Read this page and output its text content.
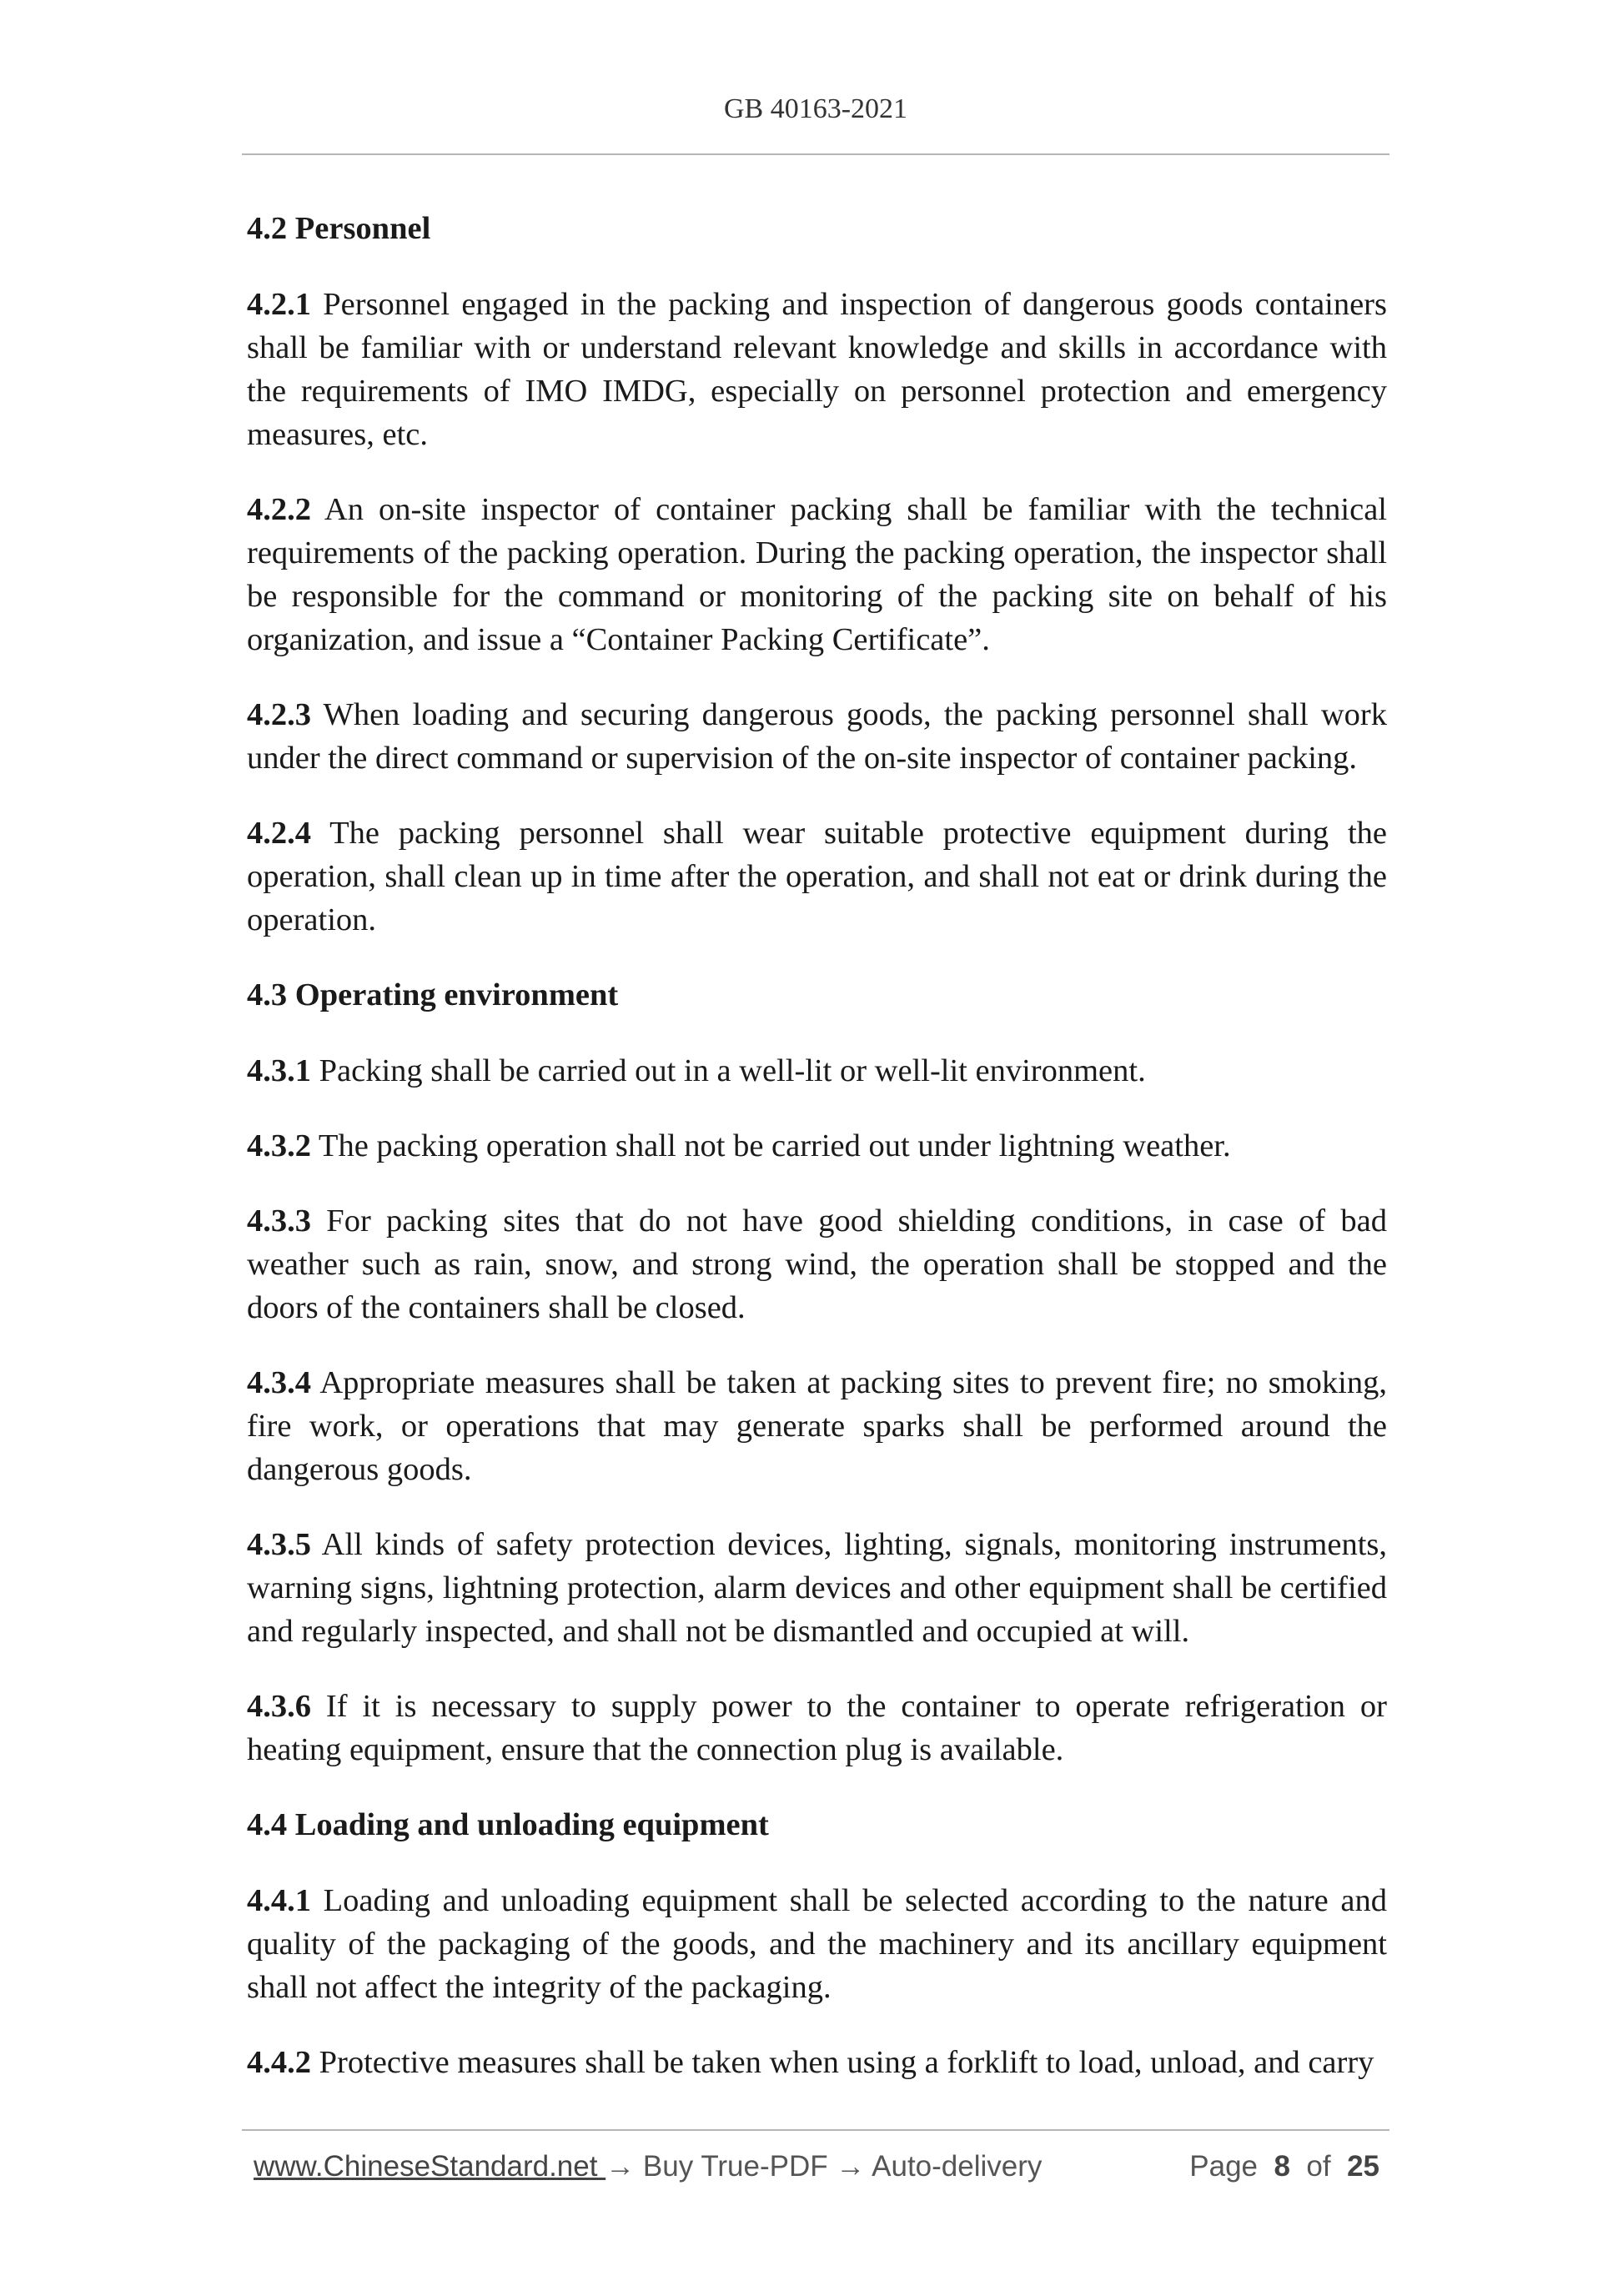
GB 40163-2021
4.2 Personnel

4.2.1 Personnel engaged in the packing and inspection of dangerous goods containers shall be familiar with or understand relevant knowledge and skills in accordance with the requirements of IMO IMDG, especially on personnel protection and emergency measures, etc.

4.2.2 An on-site inspector of container packing shall be familiar with the technical requirements of the packing operation. During the packing operation, the inspector shall be responsible for the command or monitoring of the packing site on behalf of his organization, and issue a “Container Packing Certificate”.

4.2.3 When loading and securing dangerous goods, the packing personnel shall work under the direct command or supervision of the on-site inspector of container packing.

4.2.4 The packing personnel shall wear suitable protective equipment during the operation, shall clean up in time after the operation, and shall not eat or drink during the operation.

4.3 Operating environment

4.3.1 Packing shall be carried out in a well-lit or well-lit environment.

4.3.2 The packing operation shall not be carried out under lightning weather.

4.3.3 For packing sites that do not have good shielding conditions, in case of bad weather such as rain, snow, and strong wind, the operation shall be stopped and the doors of the containers shall be closed.

4.3.4 Appropriate measures shall be taken at packing sites to prevent fire; no smoking, fire work, or operations that may generate sparks shall be performed around the dangerous goods.

4.3.5 All kinds of safety protection devices, lighting, signals, monitoring instruments, warning signs, lightning protection, alarm devices and other equipment shall be certified and regularly inspected, and shall not be dismantled and occupied at will.

4.3.6 If it is necessary to supply power to the container to operate refrigeration or heating equipment, ensure that the connection plug is available.

4.4 Loading and unloading equipment

4.4.1 Loading and unloading equipment shall be selected according to the nature and quality of the packaging of the goods, and the machinery and its ancillary equipment shall not affect the integrity of the packaging.

4.4.2 Protective measures shall be taken when using a forklift to load, unload, and carry

www.ChineseStandard.net → Buy True-PDF → Auto-delivery	Page 8 of 25
